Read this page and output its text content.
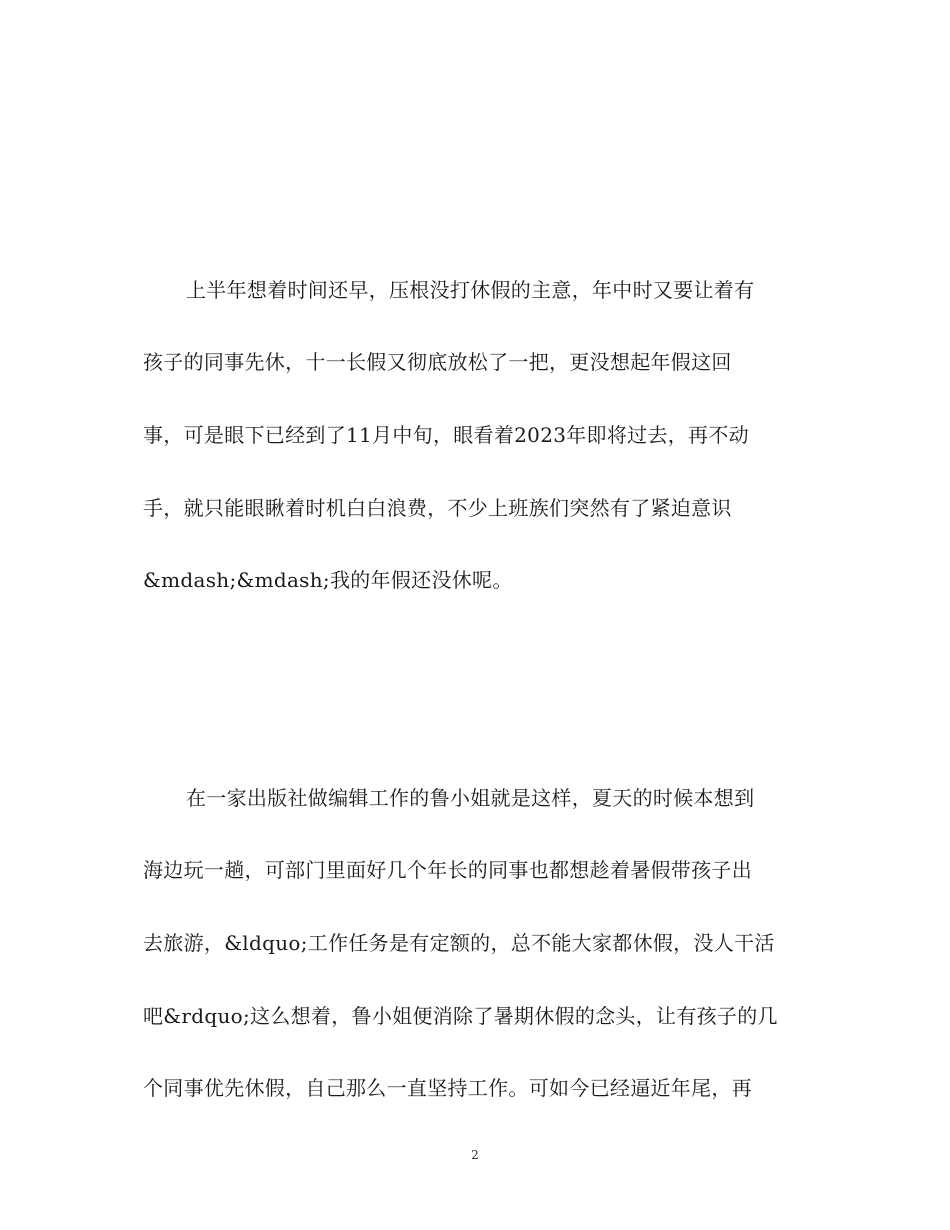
上半年想着时间还早，压根没打休假的主意，年中时又要让着有
孩子的同事先休，十一长假又彻底放松了一把，更没想起年假这回
事，可是眼下已经到了11月中旬，眼看着2023年即将过去，再不动
手，就只能眼瞅着时机白白浪费，不少上班族们突然有了紧迫意识
&mdash;&mdash;我的年假还没休呢。
在一家出版社做编辑工作的鲁小姐就是这样，夏天的时候本想到
海边玩一趟，可部门里面好几个年长的同事也都想趁着暑假带孩子出
去旅游，&ldquo;工作任务是有定额的，总不能大家都休假，没人干活
吧&rdquo;这么想着，鲁小姐便消除了暑期休假的念头，让有孩子的几
个同事优先休假，自己那么一直坚持工作。可如今已经逼近年尾，再
2
